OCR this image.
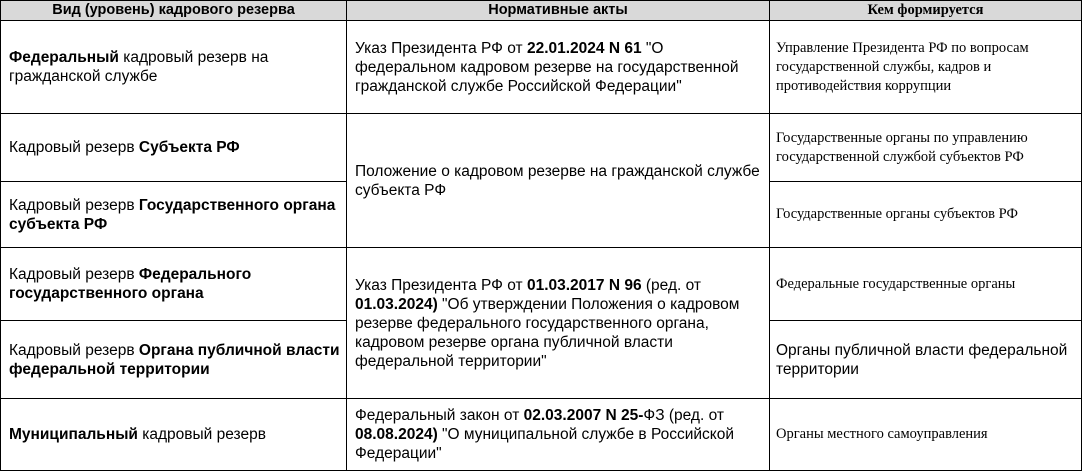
Вид (уровень) кадрового резерва	Нормативные акты	Кем формируется
Федеральный кадровый резерв на гражданской службе	Указ Президента РФ от 22.01.2024 N 61 "О федеральном кадровом резерве на государственной гражданской службе Российской Федерации"	Управление Президента РФ по вопросам государственной службы, кадров и противодействия коррупции
Кадровый резерв Субъекта РФ	Положение о кадровом резерве на гражданской службе субъекта РФ	Государственные органы по управлению государственной службой субъектов РФ
Кадровый резерв Государственного органа субъекта РФ		Государственные органы субъектов РФ
Кадровый резерв Федерального государственного органа	Указ Президента РФ от 01.03.2017 N 96 (ред. от 01.03.2024) "Об утверждении Положения о кадровом резерве федерального государственного органа, кадровом резерве органа публичной власти федеральной территории"	Федеральные государственные органы
Кадровый резерв Органа публичной власти федеральной территории		Органы публичной власти федеральной территории
Муниципальный кадровый резерв	Федеральный закон от 02.03.2007 N 25-ФЗ (ред. от 08.08.2024) "О муниципальной службе в Российской Федерации"	Органы местного самоуправления
